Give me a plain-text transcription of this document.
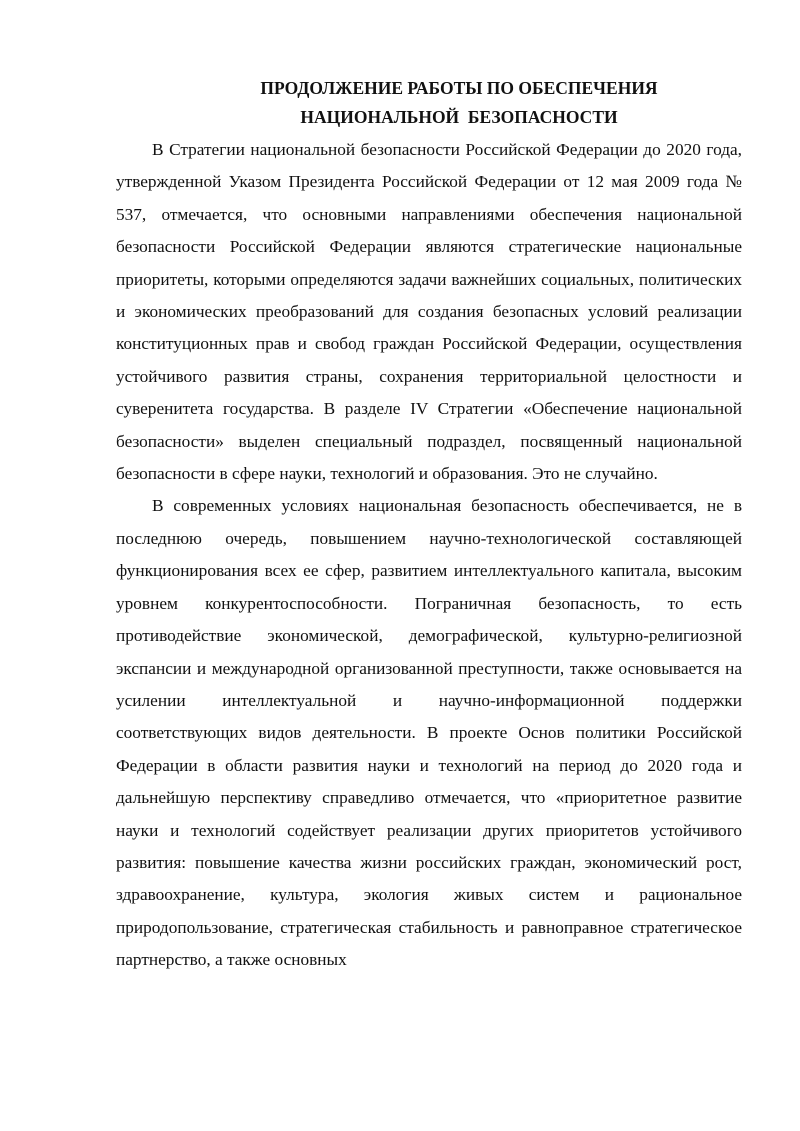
ПРОДОЛЖЕНИЕ РАБОТЫ ПО ОБЕСПЕЧЕНИЯ
НАЦИОНАЛЬНОЙ  БЕЗОПАСНОСТИ

В Стратегии национальной безопасности Российской Федерации до 2020 года, утвержденной Указом Президента Российской Федерации от 12 мая 2009 года № 537, отмечается, что основными направлениями обеспечения национальной безопасности Российской Федерации являются стратегические национальные приоритеты, которыми определяются задачи важнейших социальных, политических и экономических преобразований для создания безопасных условий реализации конституционных прав и свобод граждан Российской Федерации, осуществления устойчивого развития страны, сохранения территориальной целостности и суверенитета государства. В разделе IV Стратегии «Обеспечение национальной безопасности» выделен специальный подраздел, посвященный национальной безопасности в сфере науки, технологий и образования. Это не случайно.

В современных условиях национальная безопасность обеспечивается, не в последнюю очередь, повышением научно-технологической составляющей функционирования всех ее сфер, развитием интеллектуального капитала, высоким уровнем конкурентоспособности. Пограничная безопасность, то есть противодействие экономической, демографической, культурно-религиозной экспансии и международной организованной преступности, также основывается на усилении интеллектуальной и научно-информационной поддержки соответствующих видов деятельности. В проекте Основ политики Российской Федерации в области развития науки и технологий на период до 2020 года и дальнейшую перспективу справедливо отмечается, что «приоритетное развитие науки и технологий содействует реализации других приоритетов устойчивого развития: повышение качества жизни российских граждан, экономический рост, здравоохранение, культура, экология живых систем и рациональное природопользование, стратегическая стабильность и равноправное стратегическое партнерство, а также основных
